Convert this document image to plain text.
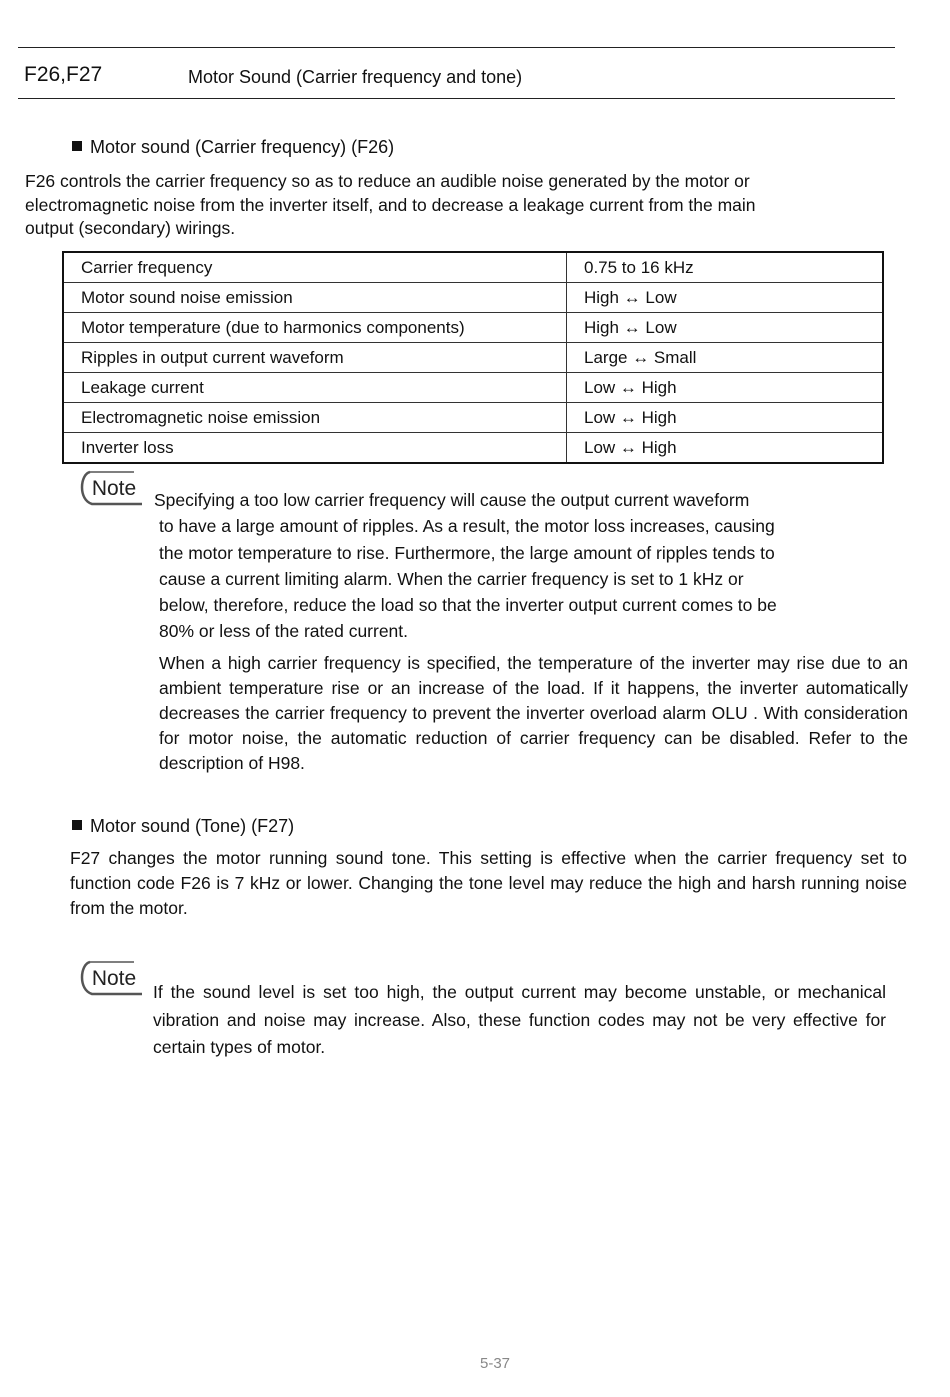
F26,F27	Motor Sound (Carrier frequency and tone)
Motor sound (Carrier frequency) (F26)
F26 controls the carrier frequency so as to reduce an audible noise generated by the motor or
electromagnetic noise from the inverter itself, and to decrease a leakage current from the main
output (secondary) wirings.
Carrier frequency	0.75 to 16 kHz
Motor sound noise emission	High ↔ Low
Motor temperature (due to harmonics components)	High ↔ Low
Ripples in output current waveform	Large ↔ Small
Leakage current	Low ↔ High
Electromagnetic noise emission	Low ↔ High
Inverter loss	Low ↔ High
Note Specifying a too low carrier frequency will cause the output current waveform

to have a large amount of ripples. As a result, the motor loss increases, causing

the motor temperature to rise. Furthermore, the large amount of ripples tends to

cause a current limiting alarm. When the carrier frequency is set to 1 kHz or

below, therefore, reduce the load so that the inverter output current comes to be

80% or less of the rated current.

When a high carrier frequency is specified, the temperature of the inverter may rise due to an ambient temperature rise or an increase of the load. If it happens, the inverter automatically decreases the carrier frequency to prevent the inverter overload alarm OLU . With consideration for motor noise, the automatic reduction of carrier frequency can be disabled. Refer to the description of H98.
Motor sound (Tone) (F27)
F27 changes the motor running sound tone. This setting is effective when the carrier frequency set to function code F26 is 7 kHz or lower. Changing the tone level may reduce the high and harsh running noise from the motor.
Note
If the sound level is set too high, the output current may become unstable, or mechanical vibration and noise may increase. Also, these function codes may not be very effective for certain types of motor.
5-37
